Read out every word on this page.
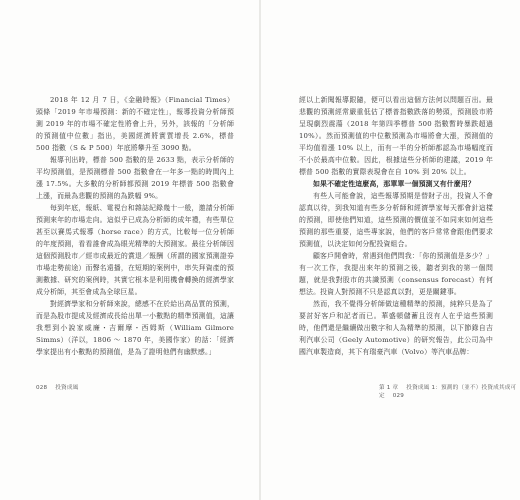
2018 年 12 月 7 日，《金融時報》（Financial Times）頭條「2019 年市場預測：新的不確定性」，報導投資分析師預測 2019 年的市場不確定性將會上升，另外，該報的「分析師的預測值中位數」指出，美國經濟將實質增長 2.6%，標普 500 指數（S & P 500）年底將攀升至 3090 點。

報導刊出時，標普 500 指數的是 2633 點，表示分析師的平均預測值，是預測標普 500 指數會在一年多一點的時間內上漲 17.5%。大多數的分析師都預測 2019 年標普 500 指數會上漲，而最為悲觀的預測的為跌幅 9%。

每到年底，報紙、電視台和雜誌紀錄幾十一般，邀請分析師預測來年的市場走向。這似乎已成為分析師的成年禮，有些單位甚至以賽馬式報導（horse race）的方式，比較每一位分析師的年度預測，看看誰會成為眼光精準的大預測家。最往分析師因這個預測股市／經市成最近的賞退／報酬（所謂的國家預測證券市場走勢前途）而聲名遠播，在短期的案例中，串失拜資產的預測數據、研究的案例時，其實它根本是利用機會轉換的經濟學家成分析師，其至會成為全球巨星。

對經濟學家和分析師來說，總感不在於給出高品質的預測，而是為股市提成及經濟成長給出單一小數點的精準預測值，這讓我想到小說家威廉・吉爾摩・西姆斯（William Gilmore Simms）（洋以，1806 ～ 1870 年，美國作家）的話：「經濟學家提出有小數點的預測值，是為了證明他們有幽默感。」

028 投資成風

經以上新聞報導跟隨，便可以看出這個方法何以問題百出。最悲觀的預測經常嚴重低估了標普指數跌落的勢頭，預測股市將呈現劇烈震蕩（2018 年第四季標普 500 指數暫時暴跌超過 10%）。然而預測值的中位數預測為市場將會大漲，預測值的平均值看漲 10% 以上，而有一半的分析師都認為市場幅度而不小於最高中位數。因此，根據這些分析師的建議，2019 年標普 500 指數的實際表現會在自 10% 到 20% 以上。

如果不確定性這麼高，那單單一個預測又有什麼用？

有些人可能會說，這些報導預期是替財子出，投資人不會認真以待，到我知道有些多分析師和經濟學家每天都會針這樣的預測，即使他們知道，這些預測的價值並不如同來如何這些預測的那些重要，這些專家說，他們的客戶常常會跟他們要求預測值，以決定如何分配投資組合。

顧客戶開會時，常遇到他們問我：「你的預測值是多少？」有一次工作，我提出來年的預測之後，聽者到我的第一個問題，就是我對股市的共識預測（consensus forecast）有何想法。投資人對預測不只是認真以對，更是關鍵事。

然而，我不覺得分析師做這種精準的預測，純粹只是為了要討好客戶和記者而已。華盛頓儲蓄且沒有人在乎這些預測時，他們還是繼續做出數字和人為精準的預測，以下節錄自吉利汽車公司（Geely Automotive）的研究報告，此公司為中國汽車製造商，其下有瑞豪汽車（Volvo）等汽車品牌：

第 1 章 投資成風 1：預測的（並不）投資成其成可定 029
